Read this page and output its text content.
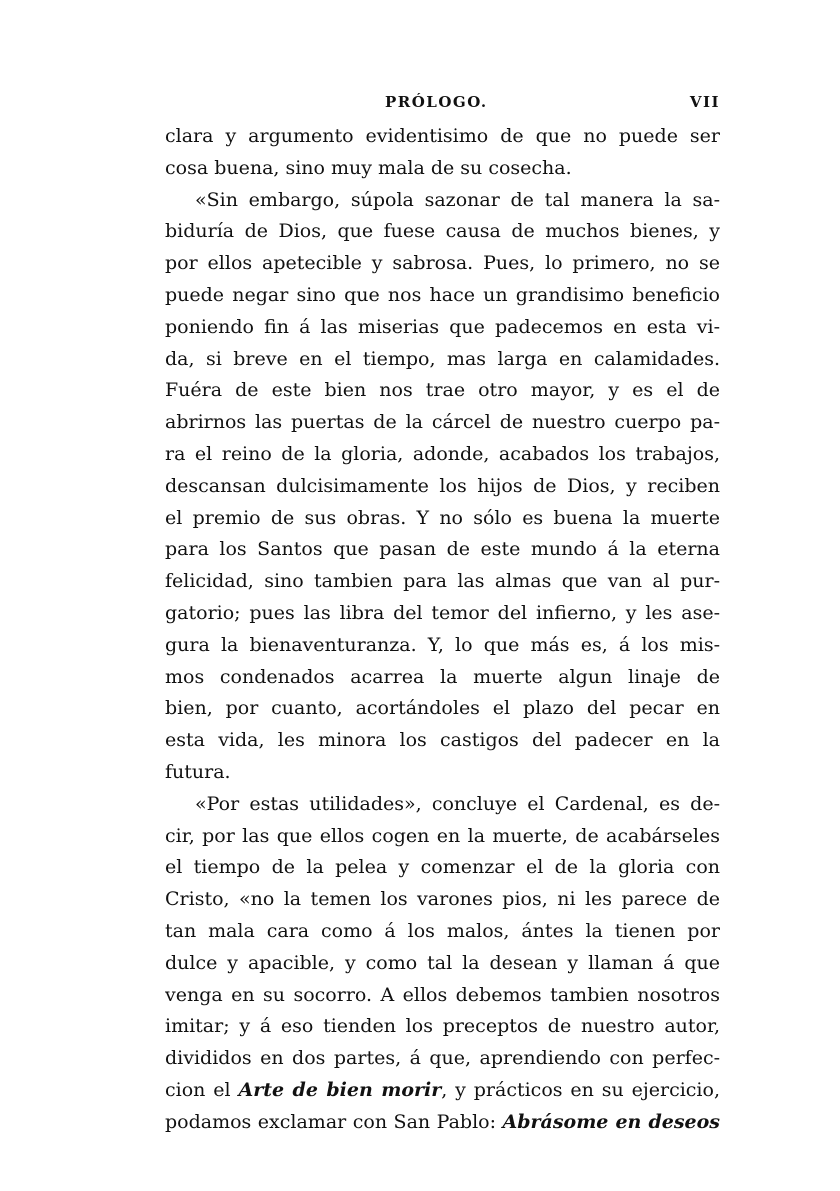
PRÓLOGO.	VII
clara y argumento evidentisimo de que no puede ser
cosa buena, sino muy mala de su cosecha.
«Sin embargo, súpola sazonar de tal manera la sa-
biduría de Dios, que fuese causa de muchos bienes, y
por ellos apetecible y sabrosa. Pues, lo primero, no se
puede negar sino que nos hace un grandisimo beneficio
poniendo fin á las miserias que padecemos en esta vi-
da, si breve en el tiempo, mas larga en calamidades.
Fuéra de este bien nos trae otro mayor, y es el de
abrirnos las puertas de la cárcel de nuestro cuerpo pa-
ra el reino de la gloria, adonde, acabados los trabajos,
descansan dulcisimamente los hijos de Dios, y reciben
el premio de sus obras. Y no sólo es buena la muerte
para los Santos que pasan de este mundo á la eterna
felicidad, sino tambien para las almas que van al pur-
gatorio; pues las libra del temor del infierno, y les ase-
gura la bienaventuranza. Y, lo que más es, á los mis-
mos condenados acarrea la muerte algun linaje de
bien, por cuanto, acortándoles el plazo del pecar en
esta vida, les minora los castigos del padecer en la
futura.
«Por estas utilidades», concluye el Cardenal, es de-
cir, por las que ellos cogen en la muerte, de acabárseles
el tiempo de la pelea y comenzar el de la gloria con
Cristo, «no la temen los varones pios, ni les parece de
tan mala cara como á los malos, ántes la tienen por
dulce y apacible, y como tal la desean y llaman á que
venga en su socorro. A ellos debemos tambien nosotros
imitar; y á eso tienden los preceptos de nuestro autor,
divididos en dos partes, á que, aprendiendo con perfec-
cion el Arte de bien morir, y prácticos en su ejercicio,
podamos exclamar con San Pablo: Abrásome en deseos
